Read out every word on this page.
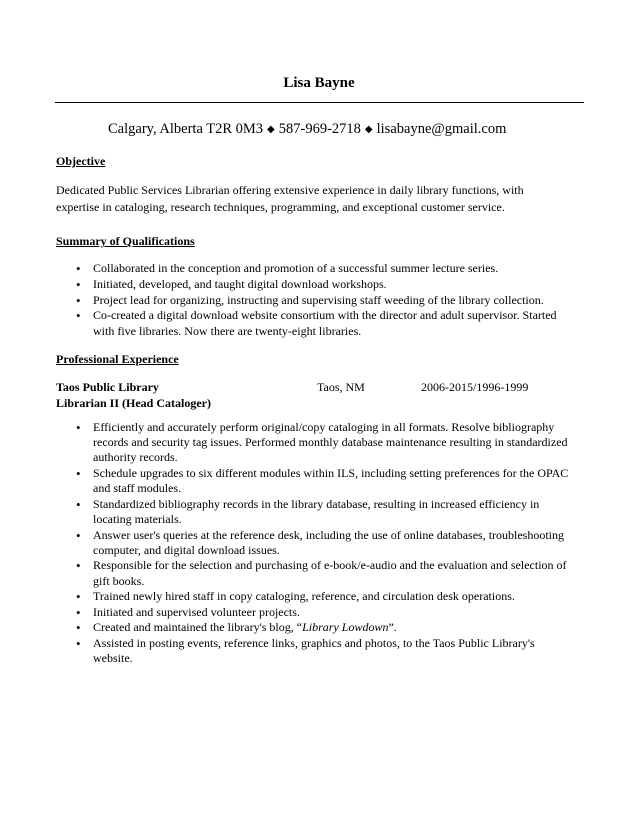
Lisa Bayne
Calgary, Alberta T2R 0M3 ◆ 587-969-2718 ◆ lisabayne@gmail.com
Objective
Dedicated Public Services Librarian offering extensive experience in daily library functions, with expertise in cataloging, research techniques, programming, and exceptional customer service.
Summary of Qualifications
• Collaborated in the conception and promotion of a successful summer lecture series.
• Initiated, developed, and taught digital download workshops.
• Project lead for organizing, instructing and supervising staff weeding of the library collection.
• Co-created a digital download website consortium with the director and adult supervisor. Started with five libraries. Now there are twenty-eight libraries.
Professional Experience
Taos Public Library	Taos, NM	2006-2015/1996-1999
Librarian II (Head Cataloger)
• Efficiently and accurately perform original/copy cataloging in all formats. Resolve bibliography records and security tag issues. Performed monthly database maintenance resulting in standardized authority records.
• Schedule upgrades to six different modules within ILS, including setting preferences for the OPAC and staff modules.
• Standardized bibliography records in the library database, resulting in increased efficiency in locating materials.
• Answer user's queries at the reference desk, including the use of online databases, troubleshooting computer, and digital download issues.
• Responsible for the selection and purchasing of e-book/e-audio and the evaluation and selection of gift books.
• Trained newly hired staff in copy cataloging, reference, and circulation desk operations.
• Initiated and supervised volunteer projects.
• Created and maintained the library's blog, “Library Lowdown”.
• Assisted in posting events, reference links, graphics and photos, to the Taos Public Library's website.
